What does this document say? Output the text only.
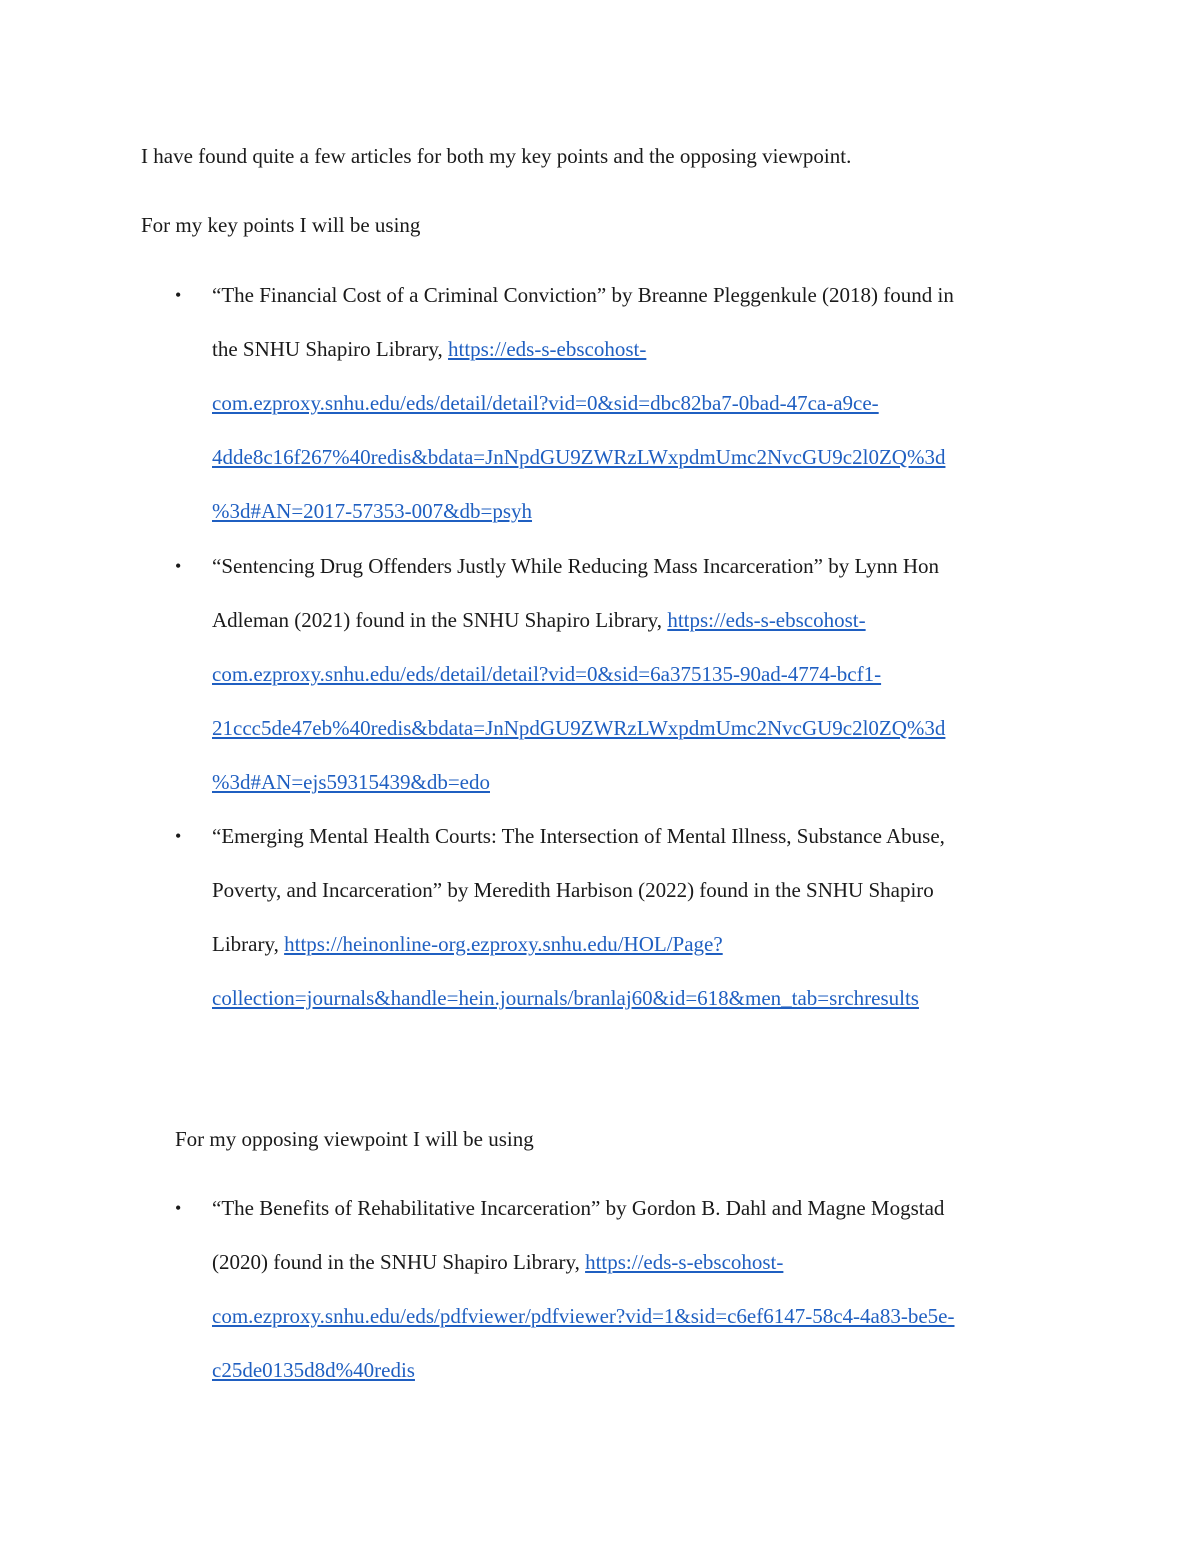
I have found quite a few articles for both my key points and the opposing viewpoint.
For my key points I will be using
•	“The Financial Cost of a Criminal Conviction” by Breanne Pleggenkule (2018) found in
the SNHU Shapiro Library, https://eds-s-ebscohost-
com.ezproxy.snhu.edu/eds/detail/detail?vid=0&sid=dbc82ba7-0bad-47ca-a9ce-
4dde8c16f267%40redis&bdata=JnNpdGU9ZWRzLWxpdmUmc2NvcGU9c2l0ZQ%3d
%3d#AN=2017-57353-007&db=psyh
•	“Sentencing Drug Offenders Justly While Reducing Mass Incarceration” by Lynn Hon
Adleman (2021) found in the SNHU Shapiro Library, https://eds-s-ebscohost-
com.ezproxy.snhu.edu/eds/detail/detail?vid=0&sid=6a375135-90ad-4774-bcf1-
21ccc5de47eb%40redis&bdata=JnNpdGU9ZWRzLWxpdmUmc2NvcGU9c2l0ZQ%3d
%3d#AN=ejs59315439&db=edo
•	“Emerging Mental Health Courts: The Intersection of Mental Illness, Substance Abuse,
Poverty, and Incarceration” by Meredith Harbison (2022) found in the SNHU Shapiro
Library, https://heinonline-org.ezproxy.snhu.edu/HOL/Page?
collection=journals&handle=hein.journals/branlaj60&id=618&men_tab=srchresults
For my opposing viewpoint I will be using
•	“The Benefits of Rehabilitative Incarceration” by Gordon B. Dahl and Magne Mogstad
(2020) found in the SNHU Shapiro Library, https://eds-s-ebscohost-
com.ezproxy.snhu.edu/eds/pdfviewer/pdfviewer?vid=1&sid=c6ef6147-58c4-4a83-be5e-
c25de0135d8d%40redis
